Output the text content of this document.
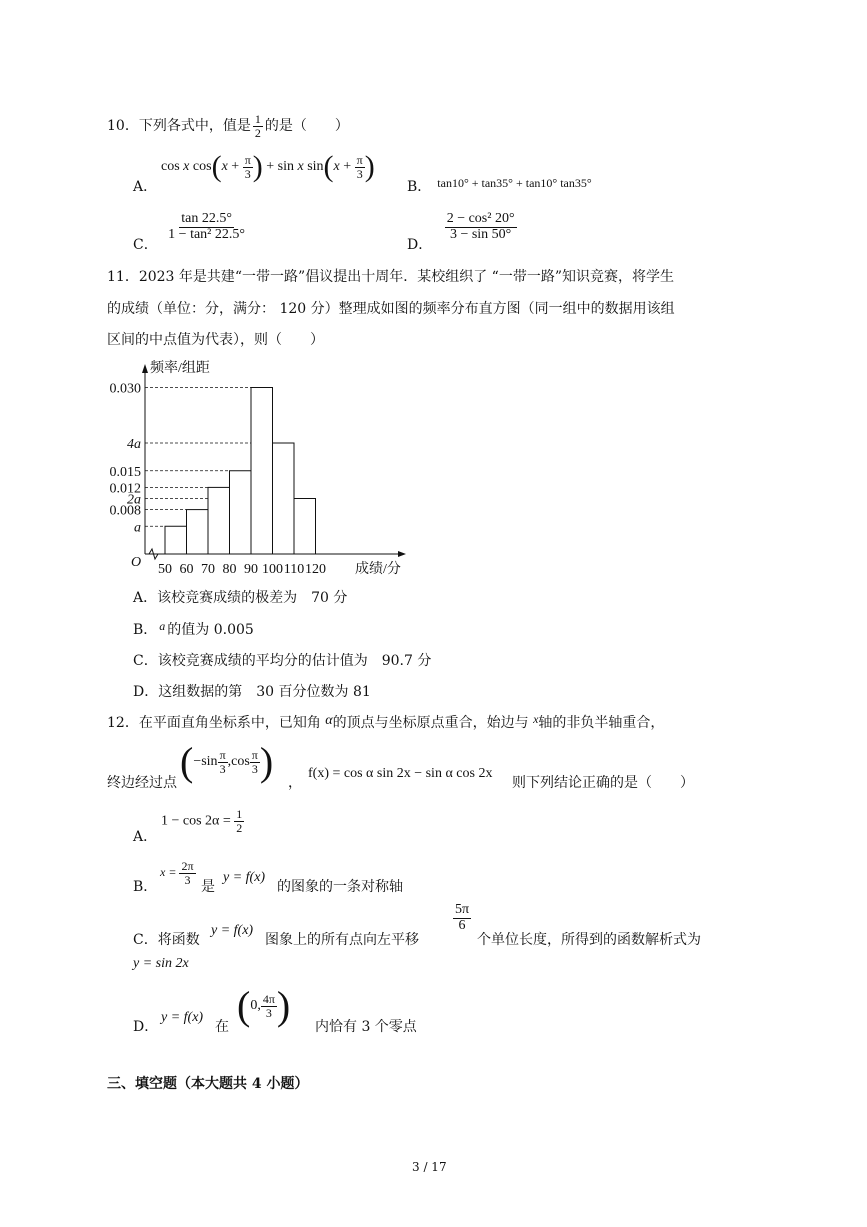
10．下列各式中，值是 $\frac{1}{2}$ 的是（　　）
A．
cos x $\cos(x + \frac{\pi}{3}$ ) + sin x $\sin(x + \frac{\pi}{3}$ )
B． tan10° + tan35° + tan10° tan35°
C．
$\frac{\tan 22.5^\circ}{\text{1 − tan² 22.5°}}$
D．
$\frac{\text{2 − cos² 20°}}{3 - \sin 50^\circ}$
11．2023 年是共建“一带一路”倡议提出十周年．某校组织了 “一带一路”知识竞赛，将学生
的成绩（单位：分，满分： 120 分）整理成如图的频率分布直方图（同一组中的数据用该组
区间的中点值为代表），则（　　）
频率/组距
成绩/分
O
0.030
4a
0.015
0.012
2a
0.008
a
50 60 70 80 90 100 110 120
A．该校竞赛成绩的极差为　70 分
B． a 的值为 0.005
C．该校竞赛成绩的平均分的估计值为　90.7 分
D．这组数据的第　30 百分位数为 81
12．在平面直角坐标系中，已知角 α的顶点与坐标原点重合，始边与 x轴的非负半轴重合，
终边经过点 ($-\sin \frac{\pi}{3} ,\cos \frac{\pi}{3}$ ) ，
f(x) = cos α sin 2x − sin α cos 2x
则下列结论正确的是（　　）
A．
$1 - \cos 2\alpha = \frac{1}{2}$
B．
$x = \frac{2\pi}{3}$
是
y = f(x)
的图象的一条对称轴
C．将函数
y = f(x)
图象上的所有点向左平移
$\frac{5\pi}{6}$
个单位长度，所得到的函数解析式为
y = sin 2x
D．
y = f(x)
在 (0, $\frac{4\pi}{3}$ ) 内恰有 3 个零点
三、填空题（本大题共 4 小题）
3 / 17
